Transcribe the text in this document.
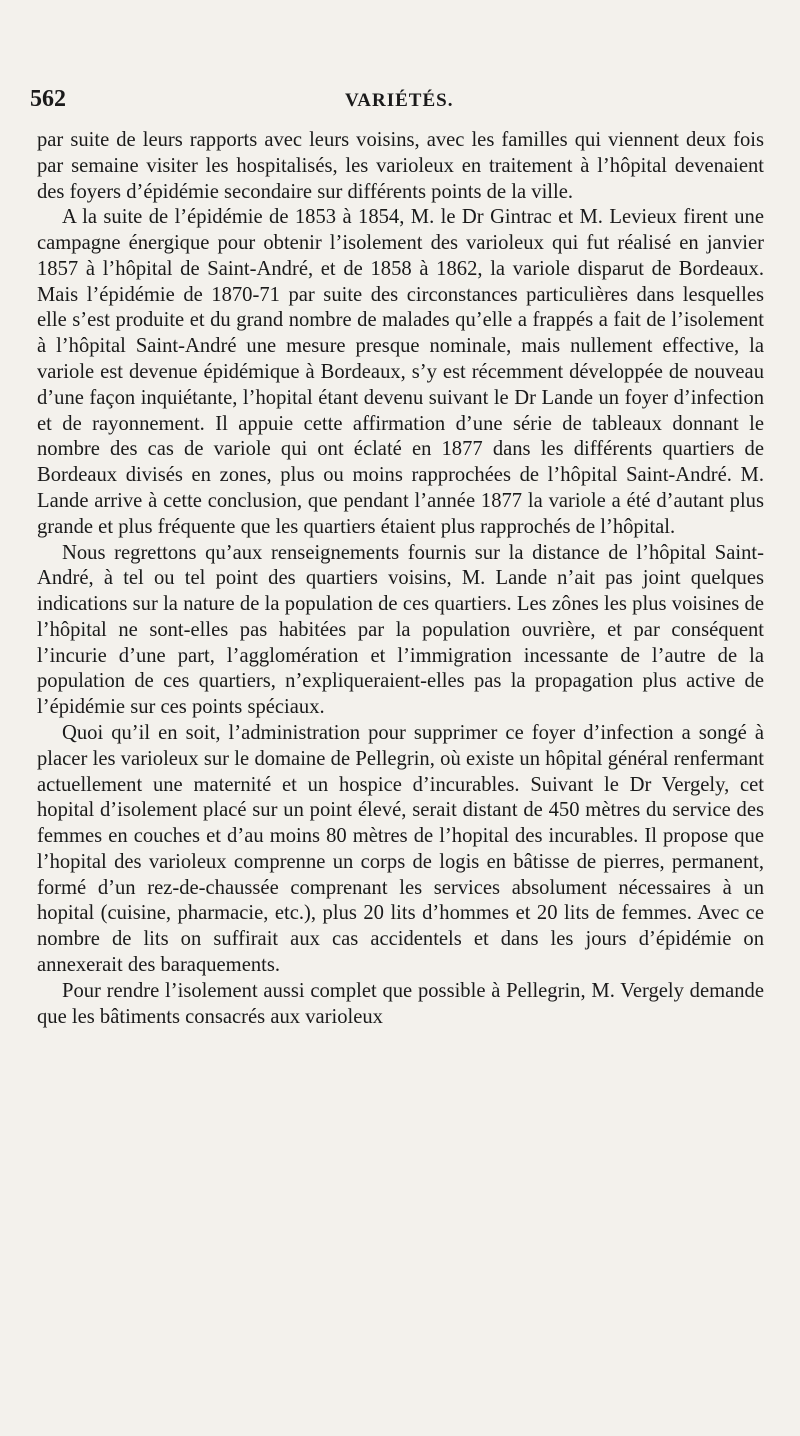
562	VARIÉTÉS.

par suite de leurs rapports avec leurs voisins, avec les familles qui viennent deux fois par semaine visiter les hospitalisés, les varioleux en traitement à l’hôpital devenaient des foyers d’épidémie secondaire sur différents points de la ville.

A la suite de l’épidémie de 1853 à 1854, M. le Dr Gintrac et M. Levieux firent une campagne énergique pour obtenir l’isolement des varioleux qui fut réalisé en janvier 1857 à l’hôpital de Saint-André, et de 1858 à 1862, la variole disparut de Bordeaux. Mais l’épidémie de 1870-71 par suite des circonstances particulières dans lesquelles elle s’est produite et du grand nombre de malades qu’elle a frappés a fait de l’isolement à l’hôpital Saint-André une mesure presque nominale, mais nullement effective, la variole est devenue épidémique à Bordeaux, s’y est récemment développée de nouveau d’une façon inquiétante, l’hopital étant devenu suivant le Dr Lande un foyer d’infection et de rayonnement. Il appuie cette affirmation d’une série de tableaux donnant le nombre des cas de variole qui ont éclaté en 1877 dans les différents quartiers de Bordeaux divisés en zones, plus ou moins rapprochées de l’hôpital Saint-André. M. Lande arrive à cette conclusion, que pendant l’année 1877 la variole a été d’autant plus grande et plus fréquente que les quartiers étaient plus rapprochés de l’hôpital.

Nous regrettons qu’aux renseignements fournis sur la distance de l’hôpital Saint-André, à tel ou tel point des quartiers voisins, M. Lande n’ait pas joint quelques indications sur la nature de la population de ces quartiers. Les zônes les plus voisines de l’hôpital ne sont-elles pas habitées par la population ouvrière, et par conséquent l’incurie d’une part, l’agglomération et l’immigration incessante de l’autre de la population de ces quartiers, n’expliqueraient-elles pas la propagation plus active de l’épidémie sur ces points spéciaux.

Quoi qu’il en soit, l’administration pour supprimer ce foyer d’infection a songé à placer les varioleux sur le domaine de Pellegrin, où existe un hôpital général renfermant actuellement une maternité et un hospice d’incurables. Suivant le Dr Vergely, cet hopital d’isolement placé sur un point élevé, serait distant de 450 mètres du service des femmes en couches et d’au moins 80 mètres de l’hopital des incurables. Il propose que l’hopital des varioleux comprenne un corps de logis en bâtisse de pierres, permanent, formé d’un rez-de-chaussée comprenant les services absolument nécessaires à un hopital (cuisine, pharmacie, etc.), plus 20 lits d’hommes et 20 lits de femmes. Avec ce nombre de lits on suffirait aux cas accidentels et dans les jours d’épidémie on annexerait des baraquements.

Pour rendre l’isolement aussi complet que possible à Pellegrin, M. Vergely demande que les bâtiments consacrés aux varioleux
